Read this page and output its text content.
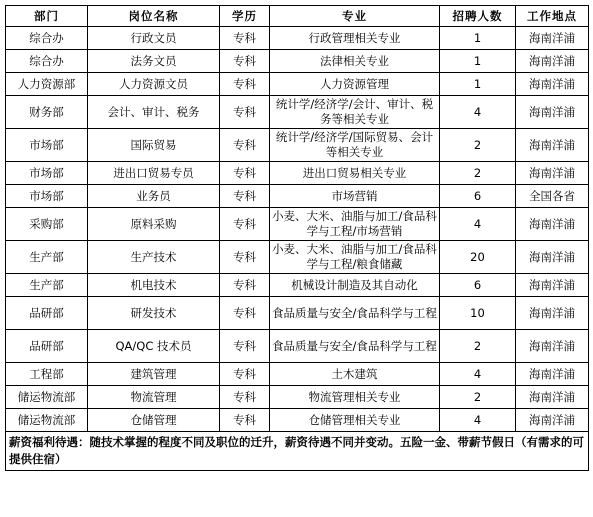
部门	岗位名称	学历	专业	招聘人数	工作地点
综合办	行政文员	专科	行政管理相关专业	1	海南洋浦
综合办	法务文员	专科	法律相关专业	1	海南洋浦
人力资源部	人力资源文员	专科	人力资源管理	1	海南洋浦
财务部	会计、审计、税务	专科	统计学/经济学/会计、审计、税务等相关专业	4	海南洋浦
市场部	国际贸易	专科	统计学/经济学/国际贸易、会计等相关专业	2	海南洋浦
市场部	进出口贸易专员	专科	进出口贸易相关专业	2	海南洋浦
市场部	业务员	专科	市场营销	6	全国各省
采购部	原料采购	专科	小麦、大米、油脂与加工/食品科学与工程/市场营销	4	海南洋浦
生产部	生产技术	专科	小麦、大米、油脂与加工/食品科学与工程/粮食储藏	20	海南洋浦
生产部	机电技术	专科	机械设计制造及其自动化	6	海南洋浦
品研部	研发技术	专科	食品质量与安全/食品科学与工程	10	海南洋浦
品研部	QA/QC 技术员	专科	食品质量与安全/食品科学与工程	2	海南洋浦
工程部	建筑管理	专科	土木建筑	4	海南洋浦
储运物流部	物流管理	专科	物流管理相关专业	2	海南洋浦
储运物流部	仓储管理	专科	仓储管理相关专业	4	海南洋浦
薪资福利待遇：随技术掌握的程度不同及职位的迁升，薪资待遇不同并变动。五险一金、带薪节假日（有需求的可提供住宿）					
